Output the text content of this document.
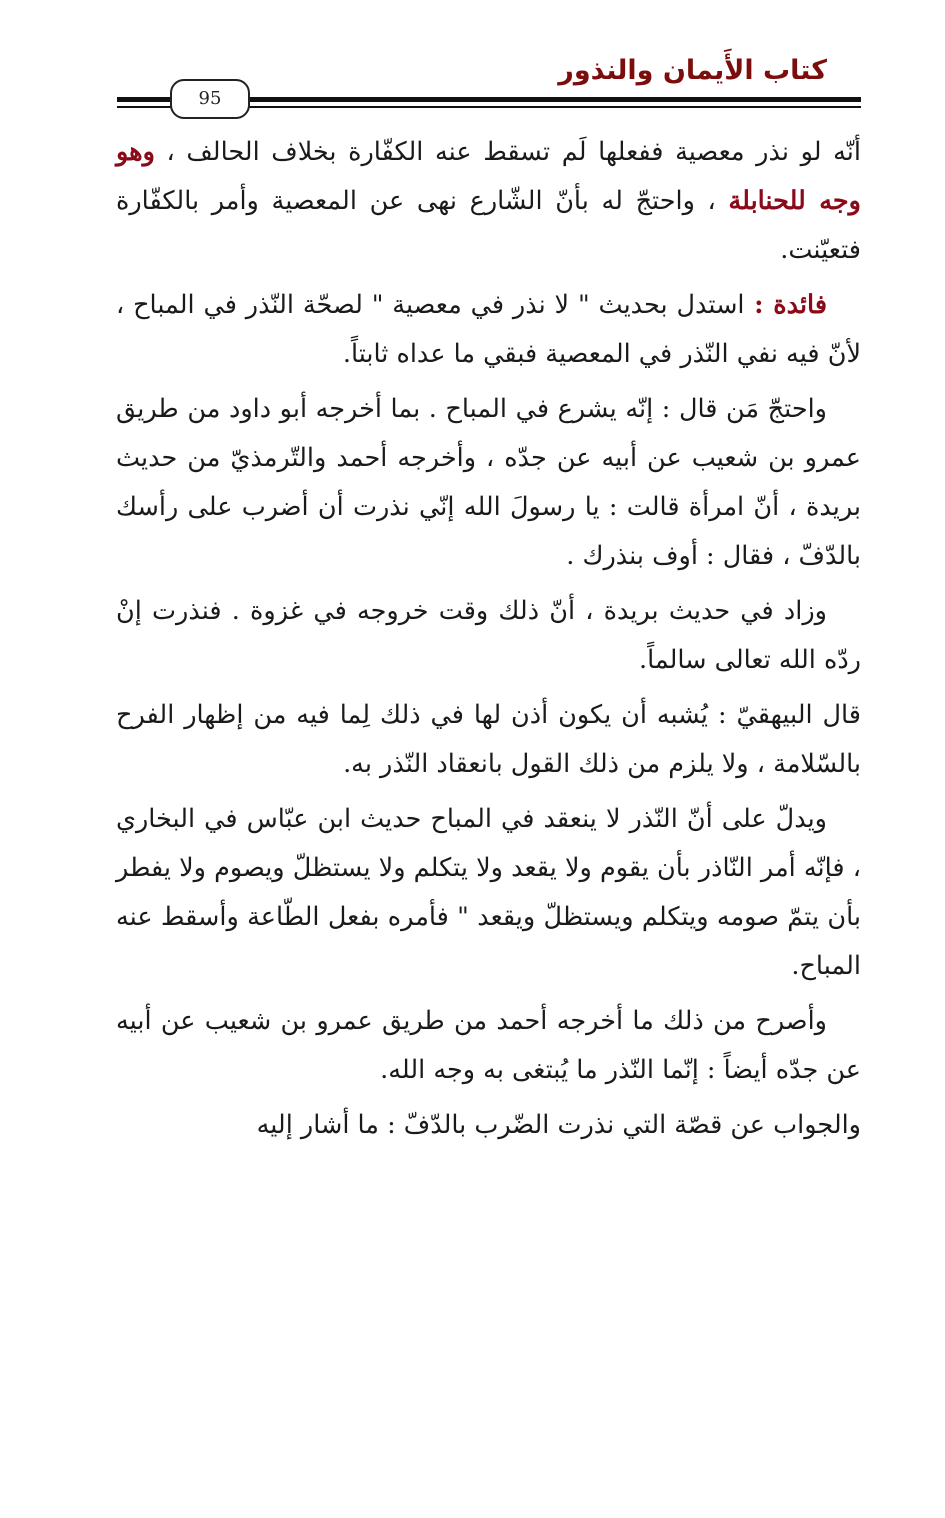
كتاب الأَيمان والنذور
95

أنّه لو نذر معصية ففعلها لَم تسقط عنه الكفّارة بخلاف الحالف ، وهو وجه للحنابلة ، واحتجّ له بأنّ الشّارع نهى عن المعصية وأمر بالكفّارة فتعيّنت.

فائدة : استدل بحديث " لا نذر في معصية " لصحّة النّذر في المباح ، لأنّ فيه نفي النّذر في المعصية فبقي ما عداه ثابتاً.

واحتجّ مَن قال : إنّه يشرع في المباح . بما أخرجه أبو داود من طريق عمرو بن شعيب عن أبيه عن جدّه ، وأخرجه أحمد والتّرمذيّ من حديث بريدة ، أنّ امرأة قالت : يا رسولَ الله إنّي نذرت أن أضرب على رأسك بالدّفّ ، فقال : أوف بنذرك .

وزاد في حديث بريدة ، أنّ ذلك وقت خروجه في غزوة . فنذرت إنْ ردّه الله تعالى سالماً.

قال البيهقيّ : يُشبه أن يكون أذن لها في ذلك لِما فيه من إظهار الفرح بالسّلامة ، ولا يلزم من ذلك القول بانعقاد النّذر به.

ويدلّ على أنّ النّذر لا ينعقد في المباح حديث ابن عبّاس في البخاري ، فإنّه أمر النّاذر بأن يقوم ولا يقعد ولا يتكلم ولا يستظلّ ويصوم ولا يفطر بأن يتمّ صومه ويتكلم ويستظلّ ويقعد " فأمره بفعل الطّاعة وأسقط عنه المباح.

وأصرح من ذلك ما أخرجه أحمد من طريق عمرو بن شعيب عن أبيه عن جدّه أيضاً : إنّما النّذر ما يُبتغى به وجه الله.

والجواب عن قصّة التي نذرت الضّرب بالدّفّ : ما أشار إليه
